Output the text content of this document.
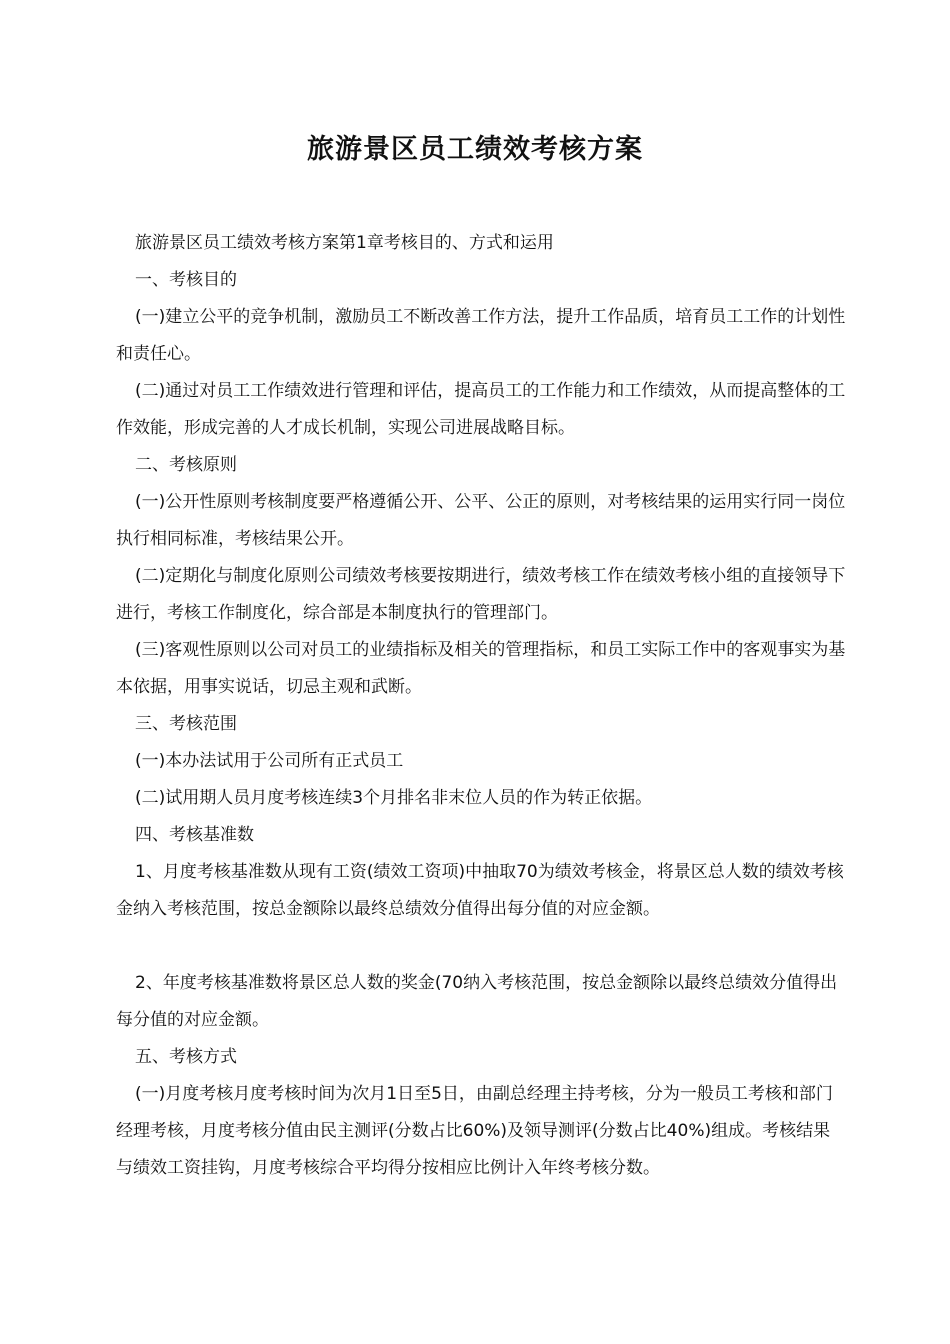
旅游景区员工绩效考核方案

旅游景区员工绩效考核方案第1章考核目的、方式和运用

一、考核目的

(一)建立公平的竞争机制，激励员工不断改善工作方法，提升工作品质，培育员工工作的计划性和责任心。

(二)通过对员工工作绩效进行管理和评估，提高员工的工作能力和工作绩效，从而提高整体的工作效能，形成完善的人才成长机制，实现公司进展战略目标。

二、考核原则

(一)公开性原则考核制度要严格遵循公开、公平、公正的原则，对考核结果的运用实行同一岗位执行相同标准，考核结果公开。

(二)定期化与制度化原则公司绩效考核要按期进行，绩效考核工作在绩效考核小组的直接领导下进行，考核工作制度化，综合部是本制度执行的管理部门。

(三)客观性原则以公司对员工的业绩指标及相关的管理指标，和员工实际工作中的客观事实为基本依据，用事实说话，切忌主观和武断。

三、考核范围

(一)本办法试用于公司所有正式员工

(二)试用期人员月度考核连续3个月排名非末位人员的作为转正依据。

四、考核基准数

1、月度考核基准数从现有工资(绩效工资项)中抽取70为绩效考核金，将景区总人数的绩效考核金纳入考核范围，按总金额除以最终总绩效分值得出每分值的对应金额。

2、年度考核基准数将景区总人数的奖金(70纳入考核范围，按总金额除以最终总绩效分值得出每分值的对应金额。

五、考核方式

(一)月度考核月度考核时间为次月1日至5日，由副总经理主持考核，分为一般员工考核和部门经理考核，月度考核分值由民主测评(分数占比60%)及领导测评(分数占比40%)组成。考核结果与绩效工资挂钩，月度考核综合平均得分按相应比例计入年终考核分数。
